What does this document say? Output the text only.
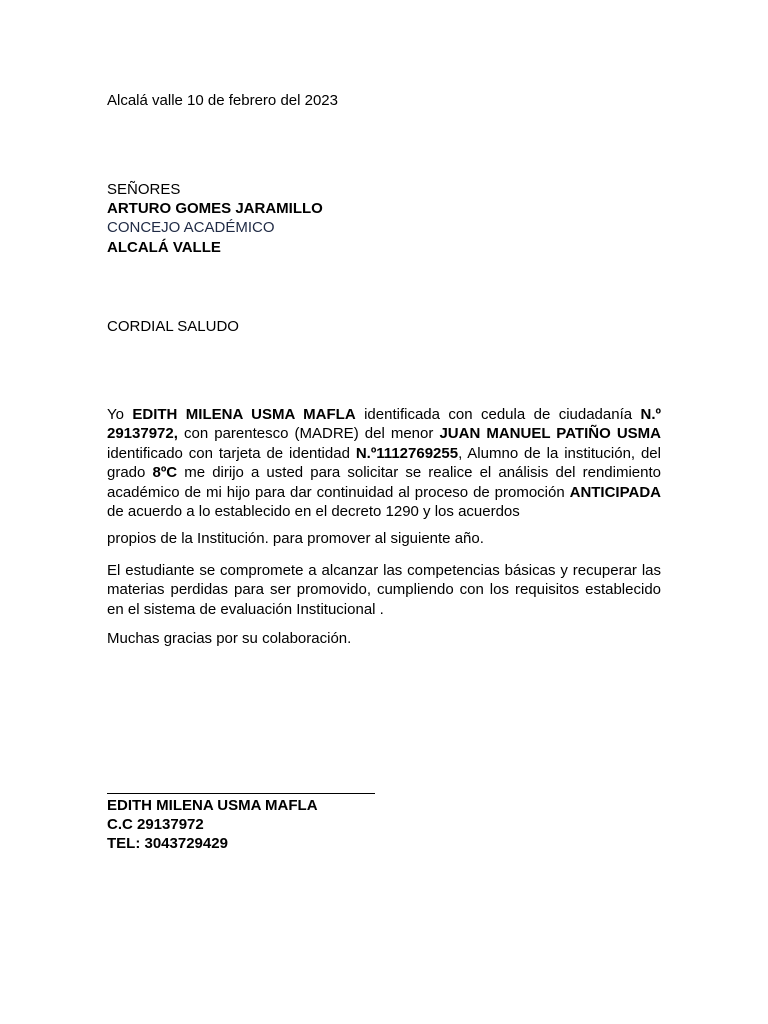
Alcalá valle 10 de febrero del 2023
SEÑORES
ARTURO GOMES JARAMILLO
CONCEJO ACADÉMICO
ALCALÁ VALLE
CORDIAL SALUDO

Yo EDITH MILENA USMA MAFLA identificada con cedula de ciudadanía N.º 29137972, con parentesco (MADRE) del menor JUAN MANUEL PATIÑO USMA identificado con tarjeta de identidad N.º1112769255, Alumno de la institución, del grado 8ºC me dirijo a usted para solicitar se realice el análisis del rendimiento académico de mi hijo para dar continuidad al proceso de promoción ANTICIPADA de acuerdo a lo establecido en el decreto 1290 y los acuerdos

propios de la Institución. para promover al siguiente año.

El estudiante se compromete a alcanzar las competencias básicas y recuperar las materias perdidas para ser promovido, cumpliendo con los requisitos establecido en el sistema de evaluación Institucional .

Muchas gracias por su colaboración.
EDITH MILENA USMA MAFLA
C.C 29137972
TEL: 3043729429
